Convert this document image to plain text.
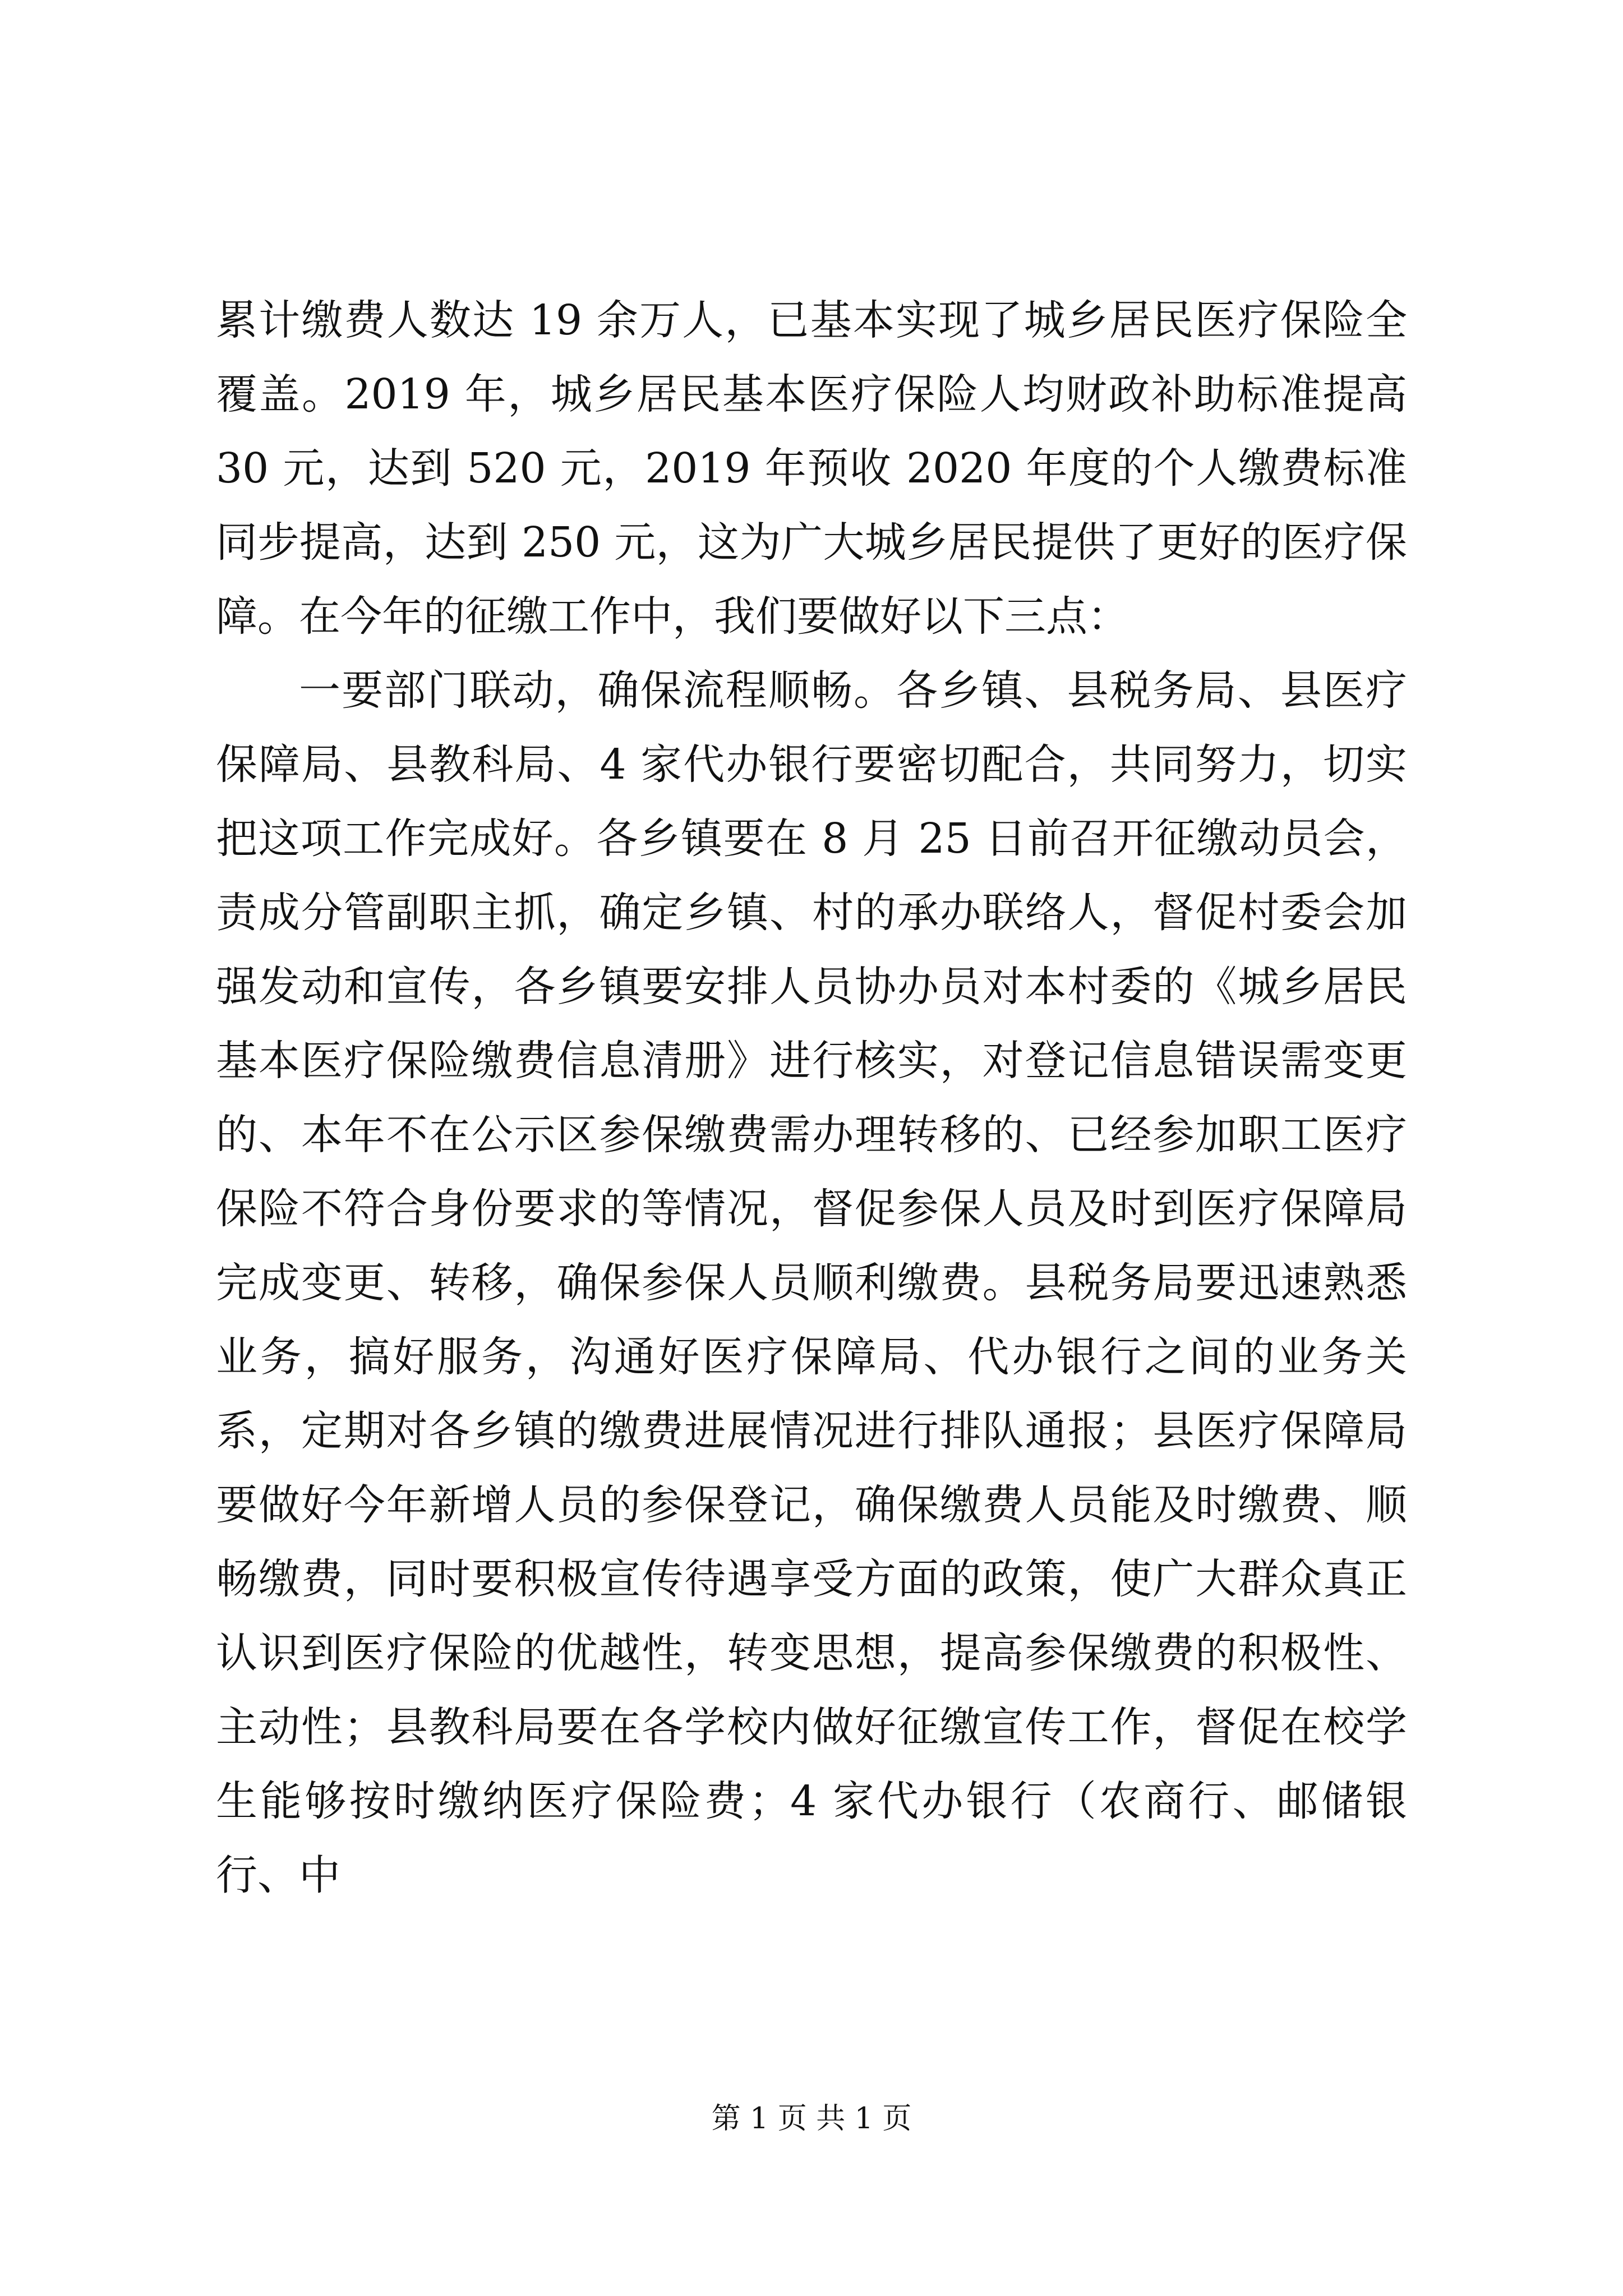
累计缴费人数达 19 余万人，已基本实现了城乡居民医疗保险全覆盖。2019 年，城乡居民基本医疗保险人均财政补助标准提高 30 元，达到 520 元，2019 年预收 2020 年度的个人缴费标准同步提高，达到 250 元，这为广大城乡居民提供了更好的医疗保障。在今年的征缴工作中，我们要做好以下三点：

一要部门联动，确保流程顺畅。各乡镇、县税务局、县医疗保障局、县教科局、4 家代办银行要密切配合，共同努力，切实把这项工作完成好。各乡镇要在 8 月 25 日前召开征缴动员会，责成分管副职主抓，确定乡镇、村的承办联络人，督促村委会加强发动和宣传，各乡镇要安排人员协办员对本村委的《城乡居民基本医疗保险缴费信息清册》进行核实，对登记信息错误需变更的、本年不在公示区参保缴费需办理转移的、已经参加职工医疗保险不符合身份要求的等情况，督促参保人员及时到医疗保障局完成变更、转移，确保参保人员顺利缴费。县税务局要迅速熟悉业务，搞好服务，沟通好医疗保障局、代办银行之间的业务关系，定期对各乡镇的缴费进展情况进行排队通报；县医疗保障局要做好今年新增人员的参保登记，确保缴费人员能及时缴费、顺畅缴费，同时要积极宣传待遇享受方面的政策，使广大群众真正认识到医疗保险的优越性，转变思想，提高参保缴费的积极性、主动性；县教科局要在各学校内做好征缴宣传工作，督促在校学生能够按时缴纳医疗保险费；4 家代办银行（农商行、邮储银行、中

第 1 页 共 1 页
